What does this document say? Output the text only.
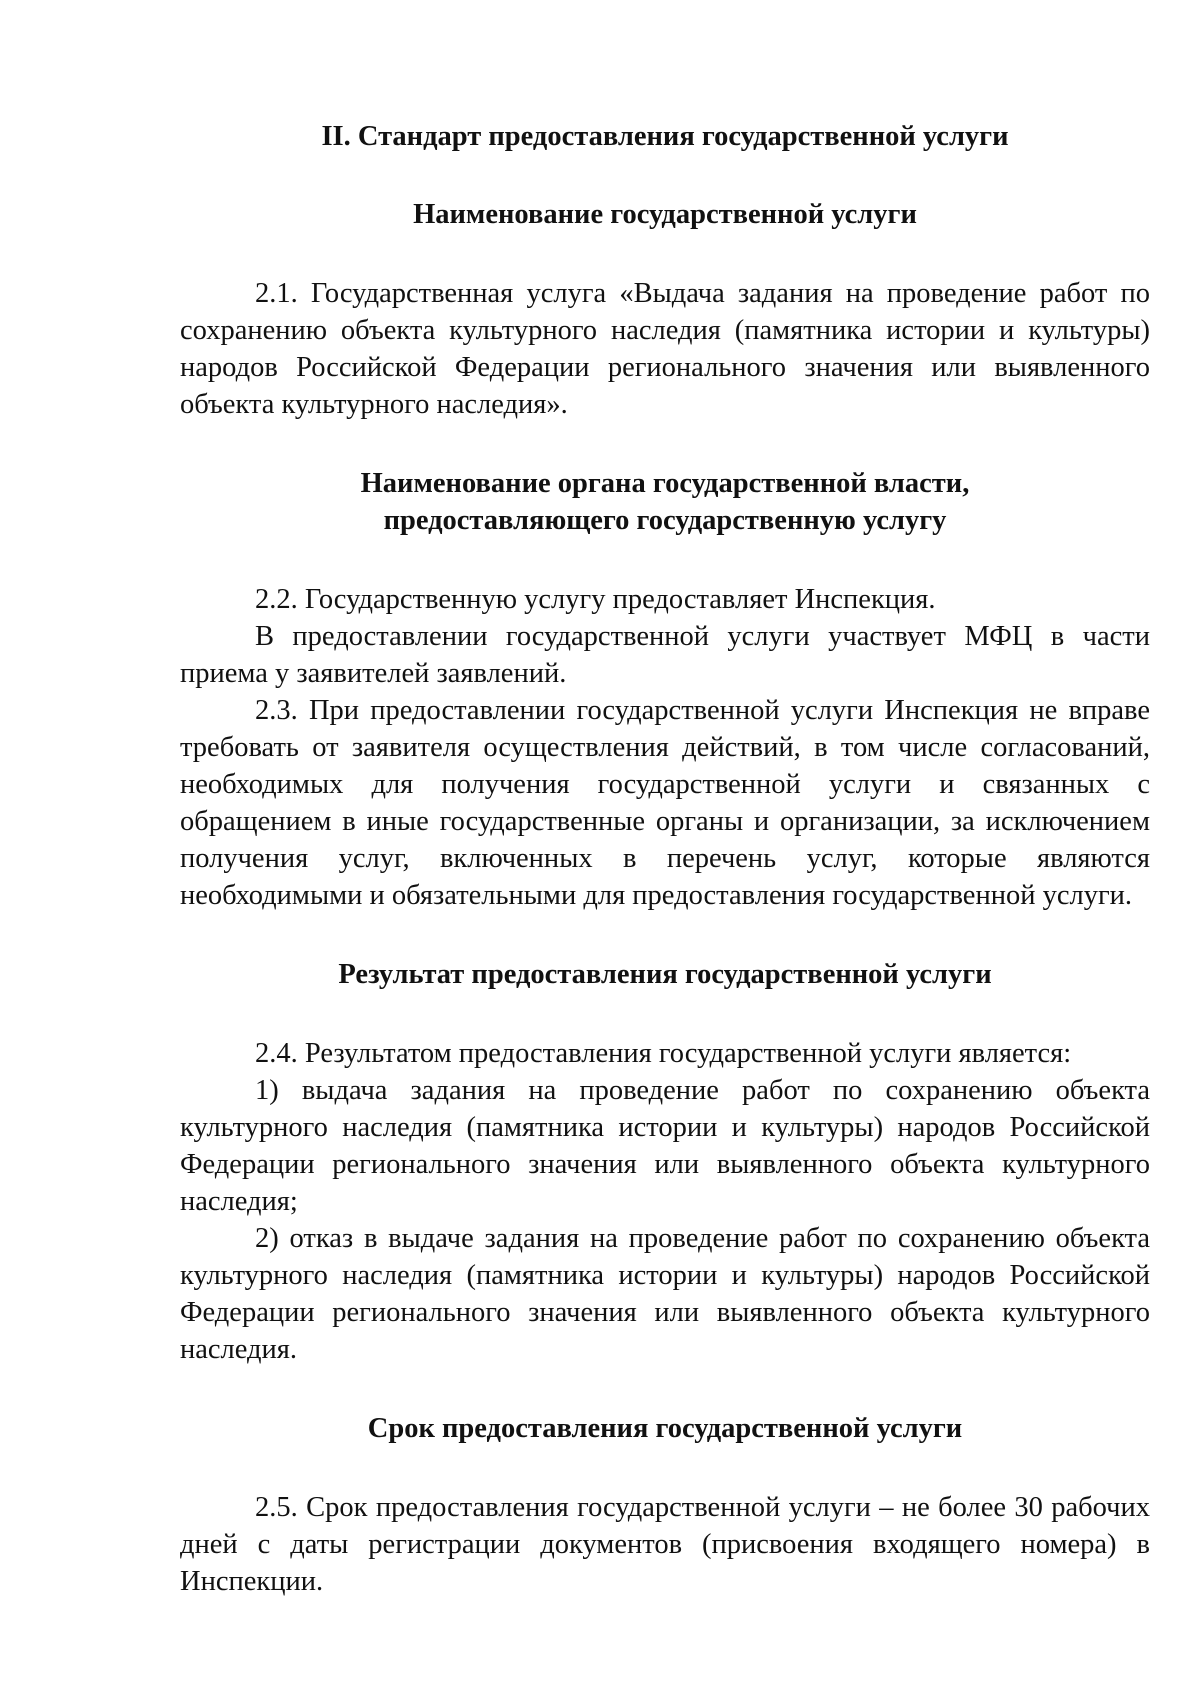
II. Стандарт предоставления государственной услуги
Наименование государственной услуги

2.1. Государственная услуга «Выдача задания на проведение работ по сохранению объекта культурного наследия (памятника истории и культуры) народов Российской Федерации регионального значения или выявленного объекта культурного наследия».

Наименование органа государственной власти, предоставляющего государственную услугу

2.2. Государственную услугу предоставляет Инспекция.

В предоставлении государственной услуги участвует МФЦ в части приема у заявителей заявлений.

2.3. При предоставлении государственной услуги Инспекция не вправе требовать от заявителя осуществления действий, в том числе согласований, необходимых для получения государственной услуги и связанных с обращением в иные государственные органы и организации, за исключением получения услуг, включенных в перечень услуг, которые являются необходимыми и обязательными для предоставления государственной услуги.

Результат предоставления государственной услуги

2.4. Результатом предоставления государственной услуги является:

1) выдача задания на проведение работ по сохранению объекта культурного наследия (памятника истории и культуры) народов Российской Федерации регионального значения или выявленного объекта культурного наследия;

2) отказ в выдаче задания на проведение работ по сохранению объекта культурного наследия (памятника истории и культуры) народов Российской Федерации регионального значения или выявленного объекта культурного наследия.

Срок предоставления государственной услуги

2.5. Срок предоставления государственной услуги – не более 30 рабочих дней с даты регистрации документов (присвоения входящего номера) в Инспекции.
